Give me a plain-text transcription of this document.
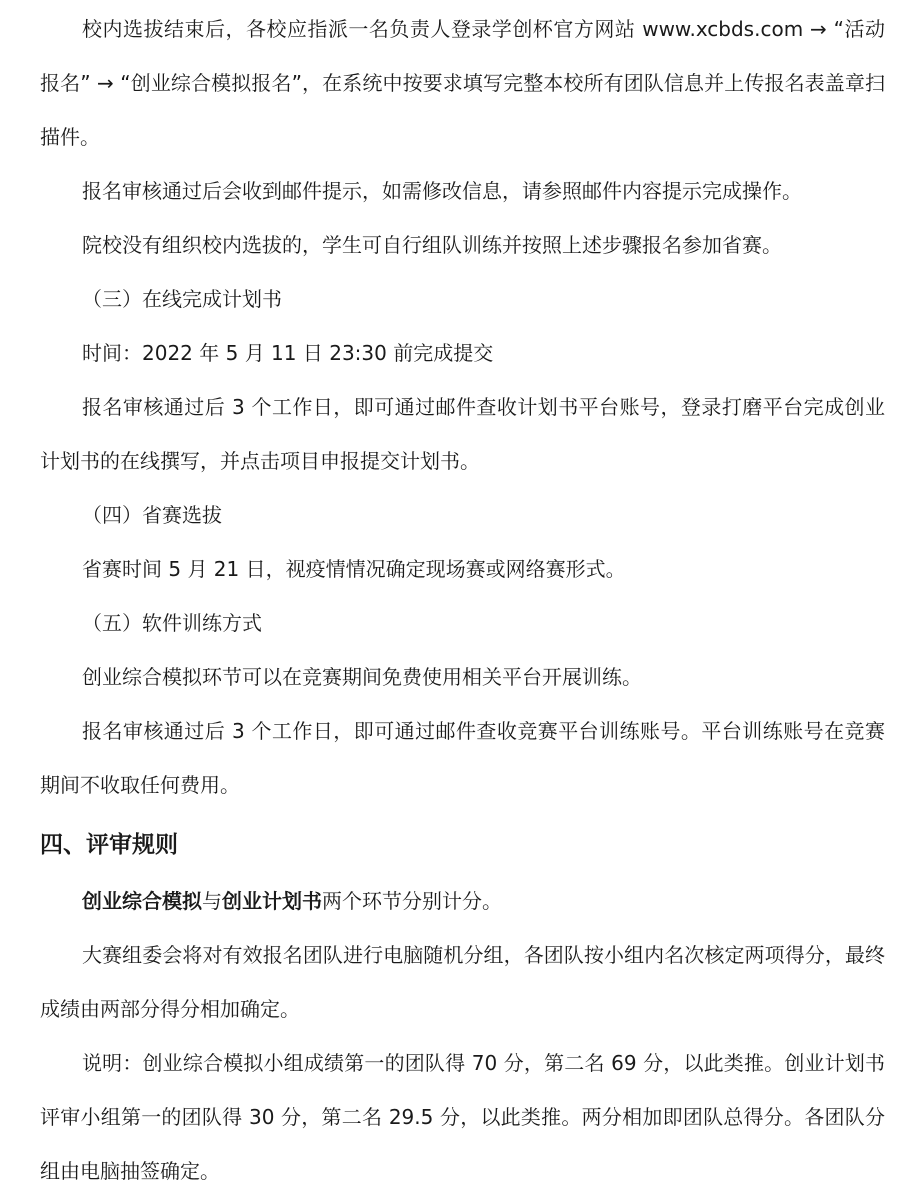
校内选拔结束后，各校应指派一名负责人登录学创杯官方网站 www.xcbds.com → “活动报名” → “创业综合模拟报名”，在系统中按要求填写完整本校所有团队信息并上传报名表盖章扫描件。

报名审核通过后会收到邮件提示，如需修改信息，请参照邮件内容提示完成操作。

院校没有组织校内选拔的，学生可自行组队训练并按照上述步骤报名参加省赛。

（三）在线完成计划书

时间：2022 年 5 月 11 日 23:30 前完成提交

报名审核通过后 3 个工作日，即可通过邮件查收计划书平台账号，登录打磨平台完成创业计划书的在线撰写，并点击项目申报提交计划书。

（四）省赛选拔

省赛时间 5 月 21 日，视疫情情况确定现场赛或网络赛形式。

（五）软件训练方式

创业综合模拟环节可以在竞赛期间免费使用相关平台开展训练。

报名审核通过后 3 个工作日，即可通过邮件查收竞赛平台训练账号。平台训练账号在竞赛期间不收取任何费用。

四、评审规则

创业综合模拟与创业计划书两个环节分别计分。

大赛组委会将对有效报名团队进行电脑随机分组，各团队按小组内名次核定两项得分，最终成绩由两部分得分相加确定。

说明：创业综合模拟小组成绩第一的团队得 70 分，第二名 69 分，以此类推。创业计划书评审小组第一的团队得 30 分，第二名 29.5 分，以此类推。两分相加即团队总得分。各团队分组由电脑抽签确定。
